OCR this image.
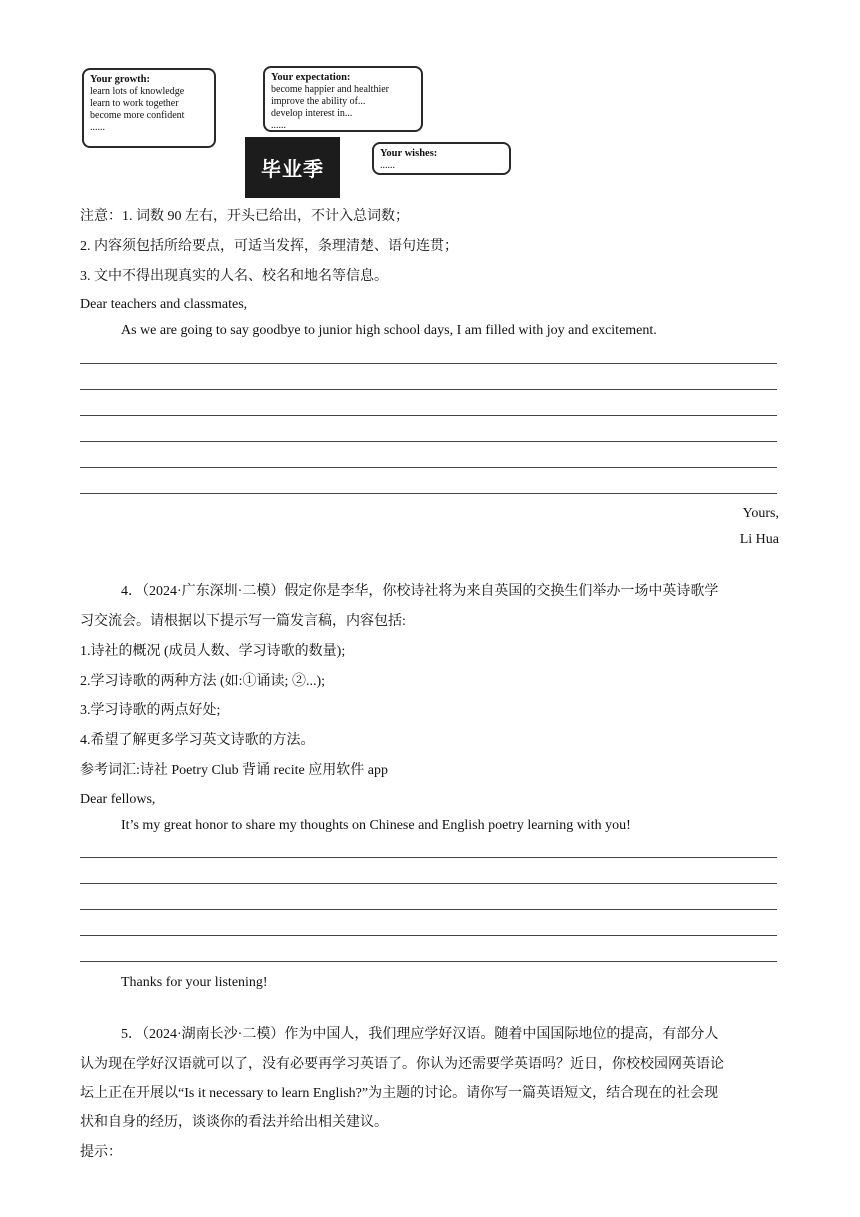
Your growth:
learn lots of knowledge
learn to work together
become more confident
......
Your expectation:
become happier and healthier
improve the ability of...
develop interest in...
......
毕业季
Your wishes:
......
注意：1. 词数 90 左右，开头已给出，不计入总词数；
2. 内容须包括所给要点，可适当发挥，条理清楚、语句连贯；
3. 文中不得出现真实的人名、校名和地名等信息。
Dear teachers and classmates,
As we are going to say goodbye to junior high school days, I am filled with joy and excitement.
Yours,
Li Hua
4．（2024·广东深圳·二模）假定你是李华，你校诗社将为来自英国的交换生们举办一场中英诗歌学
习交流会。请根据以下提示写一篇发言稿，内容包括:
1.诗社的概况 (成员人数、学习诗歌的数量);
2.学习诗歌的两种方法 (如:①诵读; ②...);
3.学习诗歌的两点好处;
4.希望了解更多学习英文诗歌的方法。
参考词汇:诗社 Poetry Club 背诵 recite 应用软件 app
Dear fellows,
It’s my great honor to share my thoughts on Chinese and English poetry learning with you!
Thanks for your listening!
5．（2024·湖南长沙·二模）作为中国人，我们理应学好汉语。随着中国国际地位的提高，有部分人
认为现在学好汉语就可以了，没有必要再学习英语了。你认为还需要学英语吗？近日，你校校园网英语论
坛上正在开展以“Is it necessary to learn English?”为主题的讨论。请你写一篇英语短文，结合现在的社会现
状和自身的经历，谈谈你的看法并给出相关建议。
提示：
